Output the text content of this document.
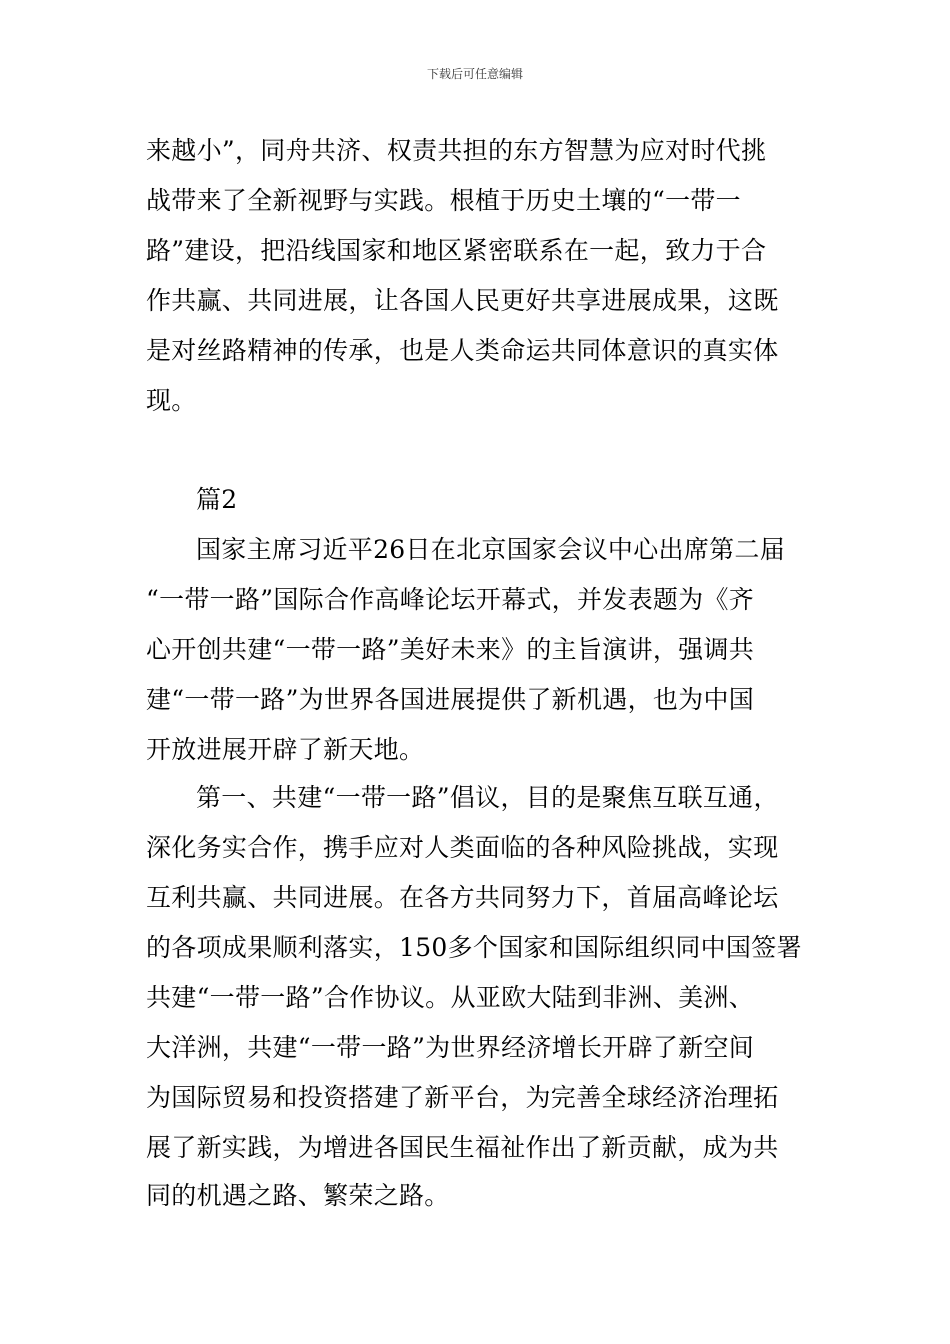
下载后可任意编辑
来越小”，同舟共济、权责共担的东方智慧为应对时代挑
战带来了全新视野与实践。根植于历史土壤的“一带一
路”建设，把沿线国家和地区紧密联系在一起，致力于合
作共赢、共同进展，让各国人民更好共享进展成果，这既
是对丝路精神的传承，也是人类命运共同体意识的真实体
现。
篇2
国家主席习近平26日在北京国家会议中心出席第二届
“一带一路”国际合作高峰论坛开幕式，并发表题为《齐
心开创共建“一带一路”美好未来》的主旨演讲，强调共
建“一带一路”为世界各国进展提供了新机遇，也为中国
开放进展开辟了新天地。
第一、共建“一带一路”倡议，目的是聚焦互联互通，
深化务实合作，携手应对人类面临的各种风险挑战，实现
互利共赢、共同进展。在各方共同努力下，首届高峰论坛
的各项成果顺利落实，150多个国家和国际组织同中国签署
共建“一带一路”合作协议。从亚欧大陆到非洲、美洲、
大洋洲，共建“一带一路”为世界经济增长开辟了新空间
为国际贸易和投资搭建了新平台，为完善全球经济治理拓
展了新实践，为增进各国民生福祉作出了新贡献，成为共
同的机遇之路、繁荣之路。
